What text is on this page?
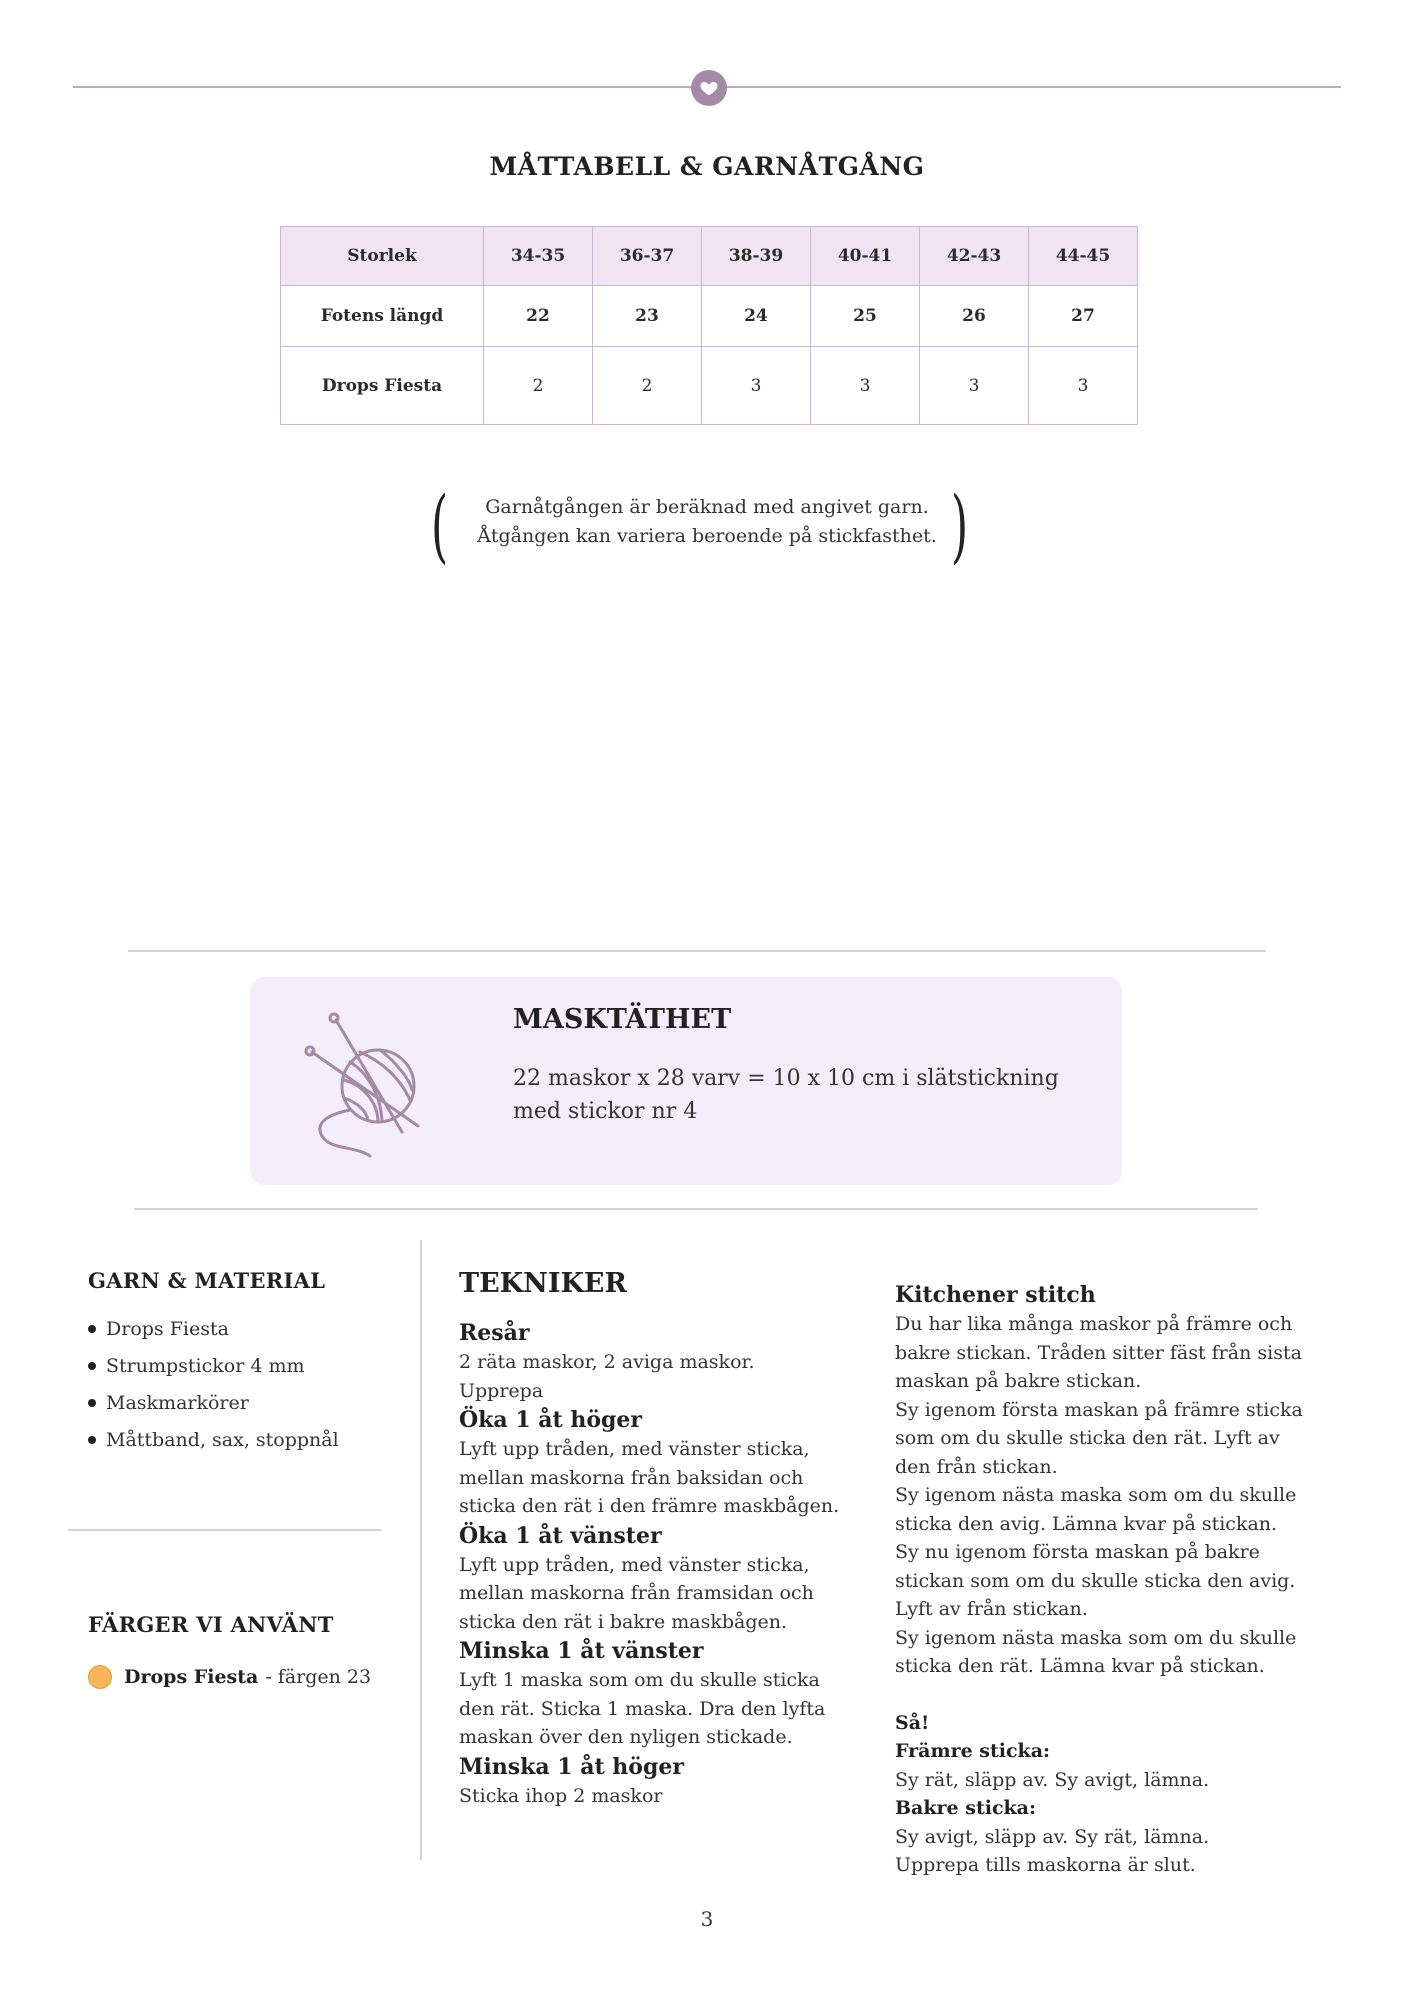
MÅTTABELL & GARNÅTGÅNG
Storlek	34-35	36-37	38-39	40-41	42-43	44-45
Fotens längd	22	23	24	25	26	27
Drops Fiesta	2	2	3	3	3	3
(	)
Garnåtgången är beräknad med angivet garn.
Åtgången kan variera beroende på stickfasthet.
MASKTÄTHET
22 maskor x 28 varv = 10 x 10 cm i slätstickning
med stickor nr 4
GARN & MATERIAL
Drops Fiesta
Strumpstickor 4 mm
Maskmarkörer
Måttband, sax, stoppnål
FÄRGER VI ANVÄNT
Drops Fiesta - färgen 23
TEKNIKER
Resår
2 räta maskor, 2 aviga maskor.
Upprepa
Öka 1 åt höger
Lyft upp tråden, med vänster sticka,
mellan maskorna från baksidan och
sticka den rät i den främre maskbågen.
Öka 1 åt vänster
Lyft upp tråden, med vänster sticka,
mellan maskorna från framsidan och
sticka den rät i bakre maskbågen.
Minska 1 åt vänster
Lyft 1 maska som om du skulle sticka
den rät. Sticka 1 maska. Dra den lyfta
maskan över den nyligen stickade.
Minska 1 åt höger
Sticka ihop 2 maskor
Kitchener stitch
Du har lika många maskor på främre och
bakre stickan. Tråden sitter fäst från sista
maskan på bakre stickan.
Sy igenom första maskan på främre sticka
som om du skulle sticka den rät. Lyft av
den från stickan.
Sy igenom nästa maska som om du skulle
sticka den avig. Lämna kvar på stickan.
Sy nu igenom första maskan på bakre
stickan som om du skulle sticka den avig.
Lyft av från stickan.
Sy igenom nästa maska som om du skulle
sticka den rät. Lämna kvar på stickan.
Så!
Främre sticka:
Sy rät, släpp av. Sy avigt, lämna.
Bakre sticka:
Sy avigt, släpp av. Sy rät, lämna.
Upprepa tills maskorna är slut.
3
